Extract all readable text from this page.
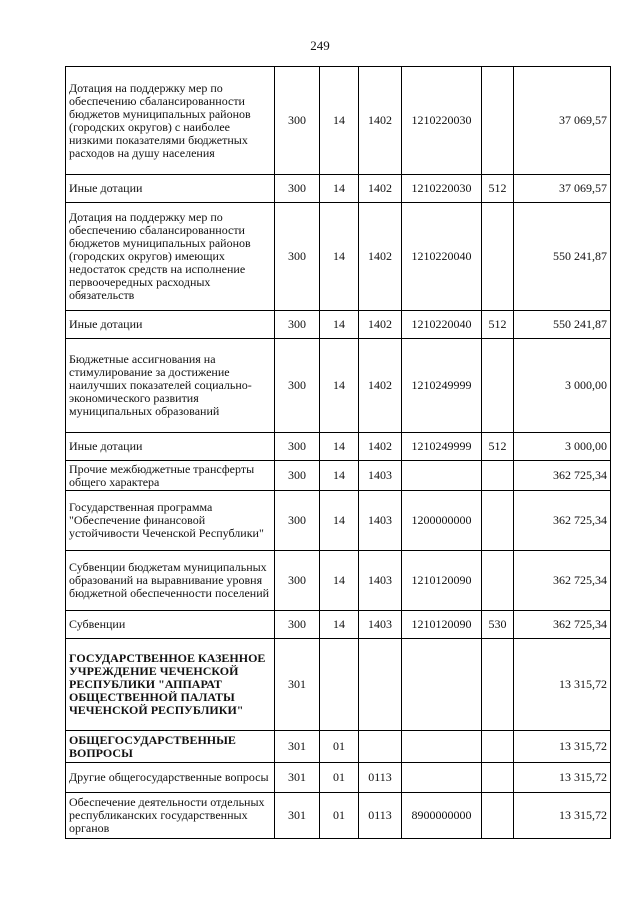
249
Дотация на поддержку мер по обеспечению сбалансированности бюджетов муниципальных районов (городских округов) с наиболее низкими показателями бюджетных расходов на душу населения	300	14	1402	1210220030		37 069,57
Иные дотации	300	14	1402	1210220030	512	37 069,57
Дотация на поддержку мер по обеспечению сбалансированности бюджетов муниципальных районов (городских округов) имеющих недостаток средств на исполнение первоочередных расходных обязательств	300	14	1402	1210220040		550 241,87
Иные дотации	300	14	1402	1210220040	512	550 241,87
Бюджетные ассигнования на стимулирование за достижение наилучших показателей социально-экономического развития муниципальных образований	300	14	1402	1210249999		3 000,00
Иные дотации	300	14	1402	1210249999	512	3 000,00
Прочие межбюджетные трансферты общего характера	300	14	1403			362 725,34
Государственная программа "Обеспечение финансовой устойчивости Чеченской Республики"	300	14	1403	1200000000		362 725,34
Субвенции бюджетам муниципальных образований на выравнивание уровня бюджетной обеспеченности поселений	300	14	1403	1210120090		362 725,34
Субвенции	300	14	1403	1210120090	530	362 725,34
ГОСУДАРСТВЕННОЕ КАЗЕННОЕ УЧРЕЖДЕНИЕ ЧЕЧЕНСКОЙ РЕСПУБЛИКИ "АППАРАТ ОБЩЕСТВЕННОЙ ПАЛАТЫ ЧЕЧЕНСКОЙ РЕСПУБЛИКИ"	301					13 315,72
ОБЩЕГОСУДАРСТВЕННЫЕ ВОПРОСЫ	301	01				13 315,72
Другие общегосударственные вопросы	301	01	0113			13 315,72
Обеспечение деятельности отдельных республиканских государственных органов	301	01	0113	8900000000		13 315,72
